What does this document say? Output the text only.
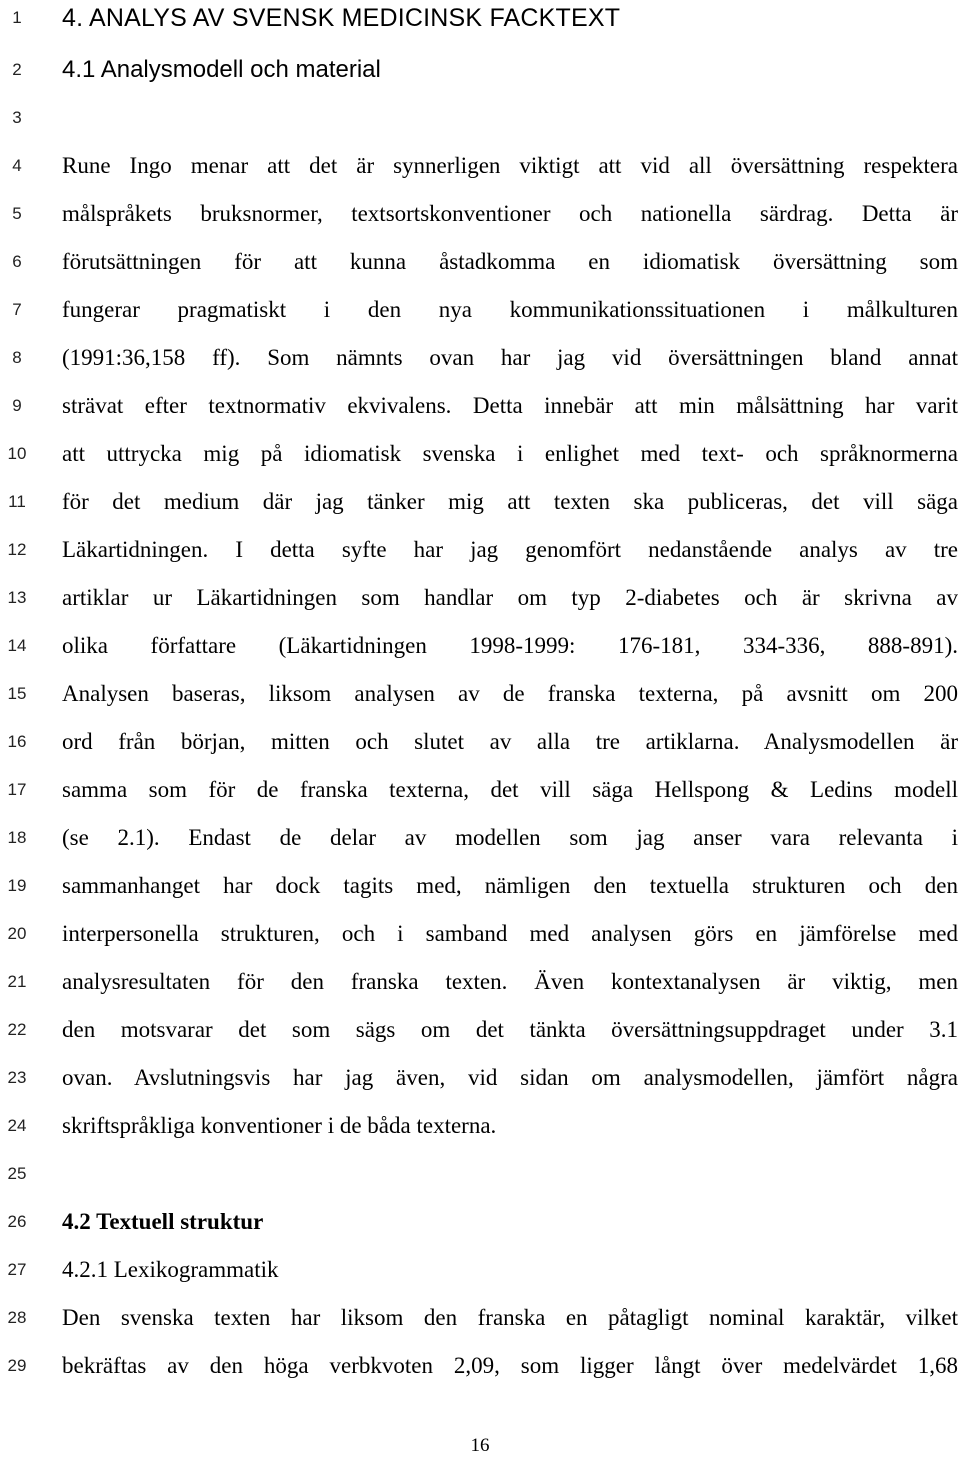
1
2
3
4
5
6
7
8
9
10
11
12
13
14
15
16
17
18
19
20
21
22
23
24
25
26
27
28
29
4. ANALYS AV SVENSK MEDICINSK FACKTEXT
4.1 Analysmodell och material
Rune Ingo menar att det är synnerligen viktigt att vid all översättning respektera
målspråkets bruksnormer, textsortskonventioner och nationella särdrag. Detta är
förutsättningen för att kunna åstadkomma en idiomatisk översättning som
fungerar pragmatiskt i den nya kommunikationssituationen i målkulturen
(1991:36,158 ff). Som nämnts ovan har jag vid översättningen bland annat
strävat efter textnormativ ekvivalens. Detta innebär att min målsättning har varit
att uttrycka mig på idiomatisk svenska i enlighet med text- och språknormerna
för det medium där jag tänker mig att texten ska publiceras, det vill säga
Läkartidningen. I detta syfte har jag genomfört nedanstående analys av tre
artiklar ur Läkartidningen som handlar om typ 2-diabetes och är skrivna av
olika författare (Läkartidningen 1998-1999: 176-181, 334-336, 888-891).
Analysen baseras, liksom analysen av de franska texterna, på avsnitt om 200
ord från början, mitten och slutet av alla tre artiklarna. Analysmodellen är
samma som för de franska texterna, det vill säga Hellspong & Ledins modell
(se 2.1). Endast de delar av modellen som jag anser vara relevanta i
sammanhanget har dock tagits med, nämligen den textuella strukturen och den
interpersonella strukturen, och i samband med analysen görs en jämförelse med
analysresultaten för den franska texten. Även kontextanalysen är viktig, men
den motsvarar det som sägs om det tänkta översättningsuppdraget under 3.1
ovan. Avslutningsvis har jag även, vid sidan om analysmodellen, jämfört några
skriftspråkliga konventioner i de båda texterna.
4.2 Textuell struktur
4.2.1 Lexikogrammatik
Den svenska texten har liksom den franska en påtagligt nominal karaktär, vilket
bekräftas av den höga verbkvoten 2,09, som ligger långt över medelvärdet 1,68
16
